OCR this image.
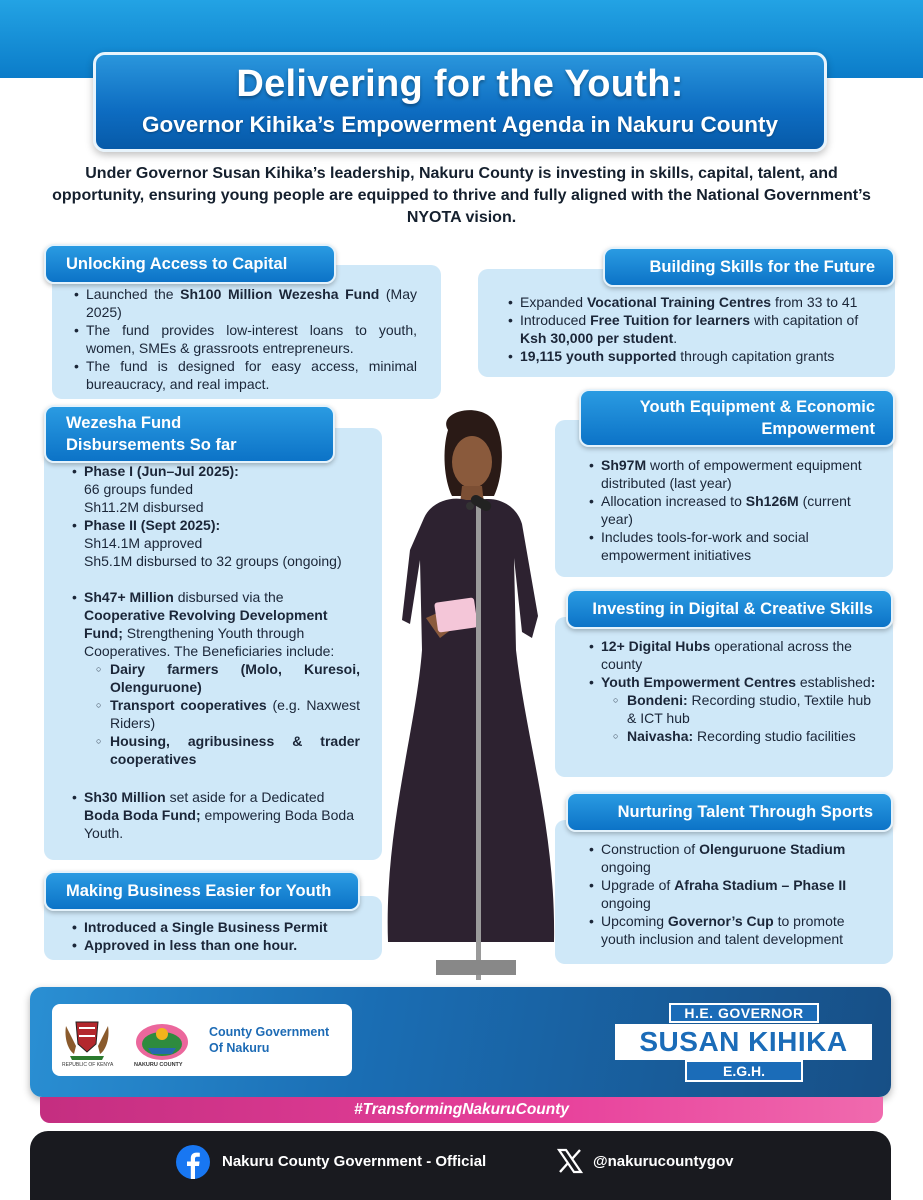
Delivering for the Youth:
Governor Kihika’s Empowerment Agenda in Nakuru County

Under Governor Susan Kihika’s leadership, Nakuru County is investing in skills, capital, talent, and opportunity, ensuring young people are equipped to thrive and fully aligned with the National Government’s NYOTA vision.

• Launched the Sh100 Million Wezesha Fund (May 2025)
• The fund provides low-interest loans to youth, women, SMEs & grassroots entrepreneurs.
• The fund is designed for easy access, minimal bureaucracy, and real impact.
Unlocking Access to Capital
• Phase I (Jun–Jul 2025):
66 groups funded
Sh11.2M disbursed
• Phase II (Sept 2025):
Sh14.1M approved
Sh5.1M disbursed to 32 groups (ongoing)
• Sh47+ Million disbursed via the Cooperative Revolving Development Fund; Strengthening Youth through Cooperatives. The Beneficiaries include:
○ Dairy farmers (Molo, Kuresoi, Olenguruone)
○ Transport cooperatives (e.g. Naxwest Riders)
○ Housing, agribusiness & trader cooperatives
• Sh30 Million set aside for a Dedicated Boda Boda Fund; empowering Boda Boda Youth.
Wezesha Fund
Disbursements So far
• Introduced a Single Business Permit
• Approved in less than one hour.
Making Business Easier for Youth
• Expanded Vocational Training Centres from 33 to 41
• Introduced Free Tuition for learners with capitation of Ksh 30,000 per student.
• 19,115 youth supported through capitation grants
Building Skills for the Future
• Sh97M worth of empowerment equipment distributed (last year)
• Allocation increased to Sh126M (current year)
• Includes tools-for-work and social empowerment initiatives
Youth Equipment & Economic
Empowerment
• 12+ Digital Hubs operational across the county
• Youth Empowerment Centres established:
○ Bondeni: Recording studio, Textile hub & ICT hub
○ Naivasha: Recording studio facilities
Investing in Digital & Creative Skills
• Construction of Olenguruone Stadium ongoing
• Upgrade of Afraha Stadium – Phase II ongoing
• Upcoming Governor’s Cup to promote youth inclusion and talent development
Nurturing Talent Through Sports
REPUBLIC OF KENYA	NAKURU COUNTY
County Government
Of Nakuru
H.E. GOVERNOR
SUSAN KIHIKA
E.G.H.
#TransformingNakuruCounty
Nakuru County Government - Official	@nakurucountygov
